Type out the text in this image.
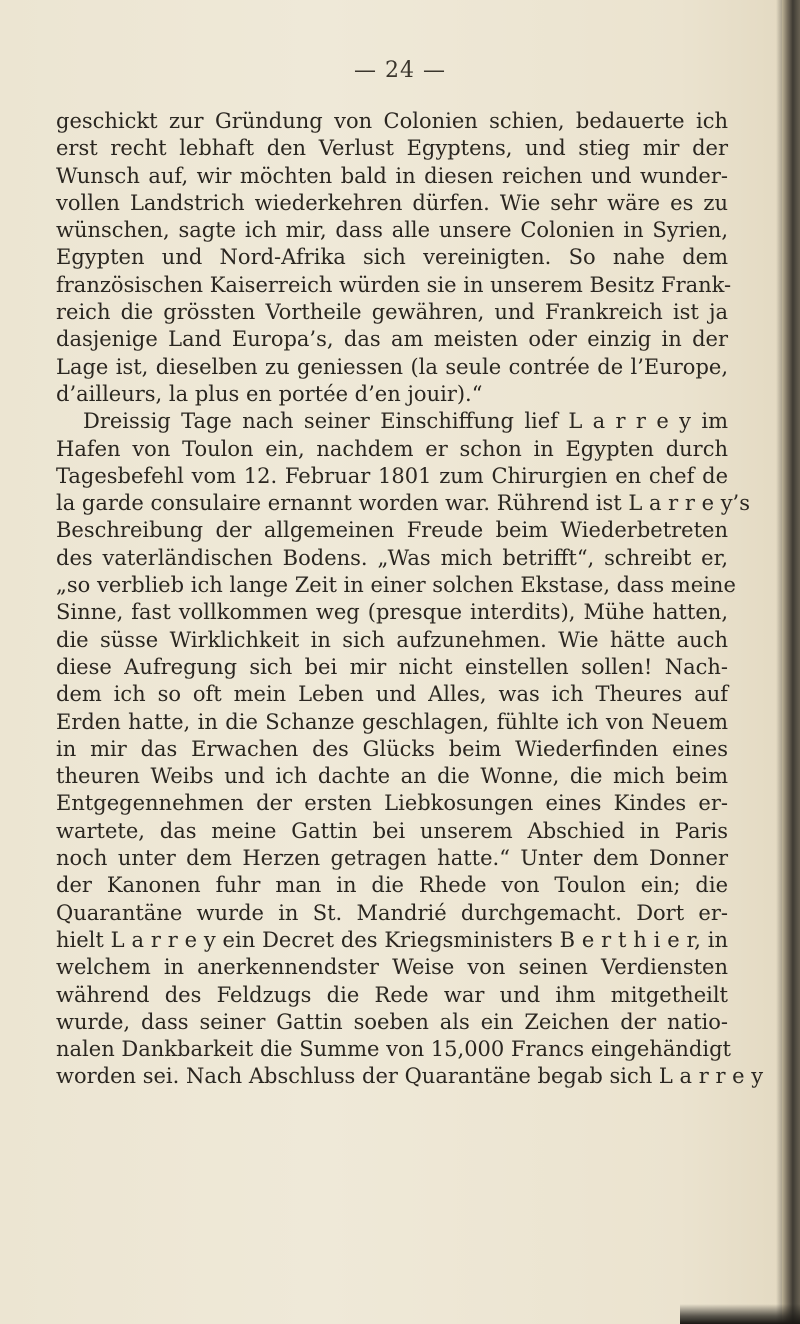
— 24 —
geschickt zur Gründung von Colonien schien, bedauerte ich
erst recht lebhaft den Verlust Egyptens, und stieg mir der
Wunsch auf, wir möchten bald in diesen reichen und wunder-
vollen Landstrich wiederkehren dürfen. Wie sehr wäre es zu
wünschen, sagte ich mir, dass alle unsere Colonien in Syrien,
Egypten und Nord-Afrika sich vereinigten. So nahe dem
französischen Kaiserreich würden sie in unserem Besitz Frank-
reich die grössten Vortheile gewähren, und Frankreich ist ja
dasjenige Land Europa’s, das am meisten oder einzig in der
Lage ist, dieselben zu geniessen (la seule contrée de l’Europe,
d’ailleurs, la plus en portée d’en jouir).“
Dreissig Tage nach seiner Einschiffung lief L a r r e y im
Hafen von Toulon ein, nachdem er schon in Egypten durch
Tagesbefehl vom 12. Februar 1801 zum Chirurgien en chef de
la garde consulaire ernannt worden war. Rührend ist L a r r e y’s
Beschreibung der allgemeinen Freude beim Wiederbetreten
des vaterländischen Bodens. „Was mich betrifft“, schreibt er,
„so verblieb ich lange Zeit in einer solchen Ekstase, dass meine
Sinne, fast vollkommen weg (presque interdits), Mühe hatten,
die süsse Wirklichkeit in sich aufzunehmen. Wie hätte auch
diese Aufregung sich bei mir nicht einstellen sollen! Nach-
dem ich so oft mein Leben und Alles, was ich Theures auf
Erden hatte, in die Schanze geschlagen, fühlte ich von Neuem
in mir das Erwachen des Glücks beim Wiederfinden eines
theuren Weibs und ich dachte an die Wonne, die mich beim
Entgegennehmen der ersten Liebkosungen eines Kindes er-
wartete, das meine Gattin bei unserem Abschied in Paris
noch unter dem Herzen getragen hatte.“ Unter dem Donner
der Kanonen fuhr man in die Rhede von Toulon ein; die
Quarantäne wurde in St. Mandrié durchgemacht. Dort er-
hielt L a r r e y ein Decret des Kriegsministers B e r t h i e r, in
welchem in anerkennendster Weise von seinen Verdiensten
während des Feldzugs die Rede war und ihm mitgetheilt
wurde, dass seiner Gattin soeben als ein Zeichen der natio-
nalen Dankbarkeit die Summe von 15,000 Francs eingehändigt
worden sei. Nach Abschluss der Quarantäne begab sich L a r r e y
